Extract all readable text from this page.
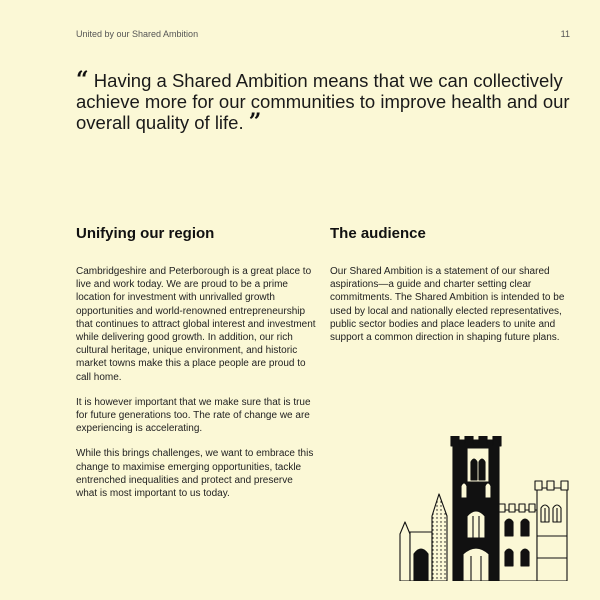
United by our Shared Ambition	11
“ Having a Shared Ambition means that we can collectively achieve more for our communities to improve health and our overall quality of life. ”
Unifying our region

Cambridgeshire and Peterborough is a great place to live and work today. We are proud to be a prime location for investment with unrivalled growth opportunities and world-renowned entrepreneurship that continues to attract global interest and investment while delivering good growth. In addition, our rich cultural heritage, unique environment, and historic market towns make this a place people are proud to call home.

It is however important that we make sure that is true for future generations too. The rate of change we are experiencing is accelerating.

While this brings challenges, we want to embrace this change to maximise emerging opportunities, tackle entrenched inequalities and protect and preserve what is most important to us today.

The audience

Our Shared Ambition is a statement of our shared aspirations—a guide and charter setting clear commitments. The Shared Ambition is intended to be used by local and nationally elected representatives, public sector bodies and place leaders to unite and support a common direction in shaping future plans.
